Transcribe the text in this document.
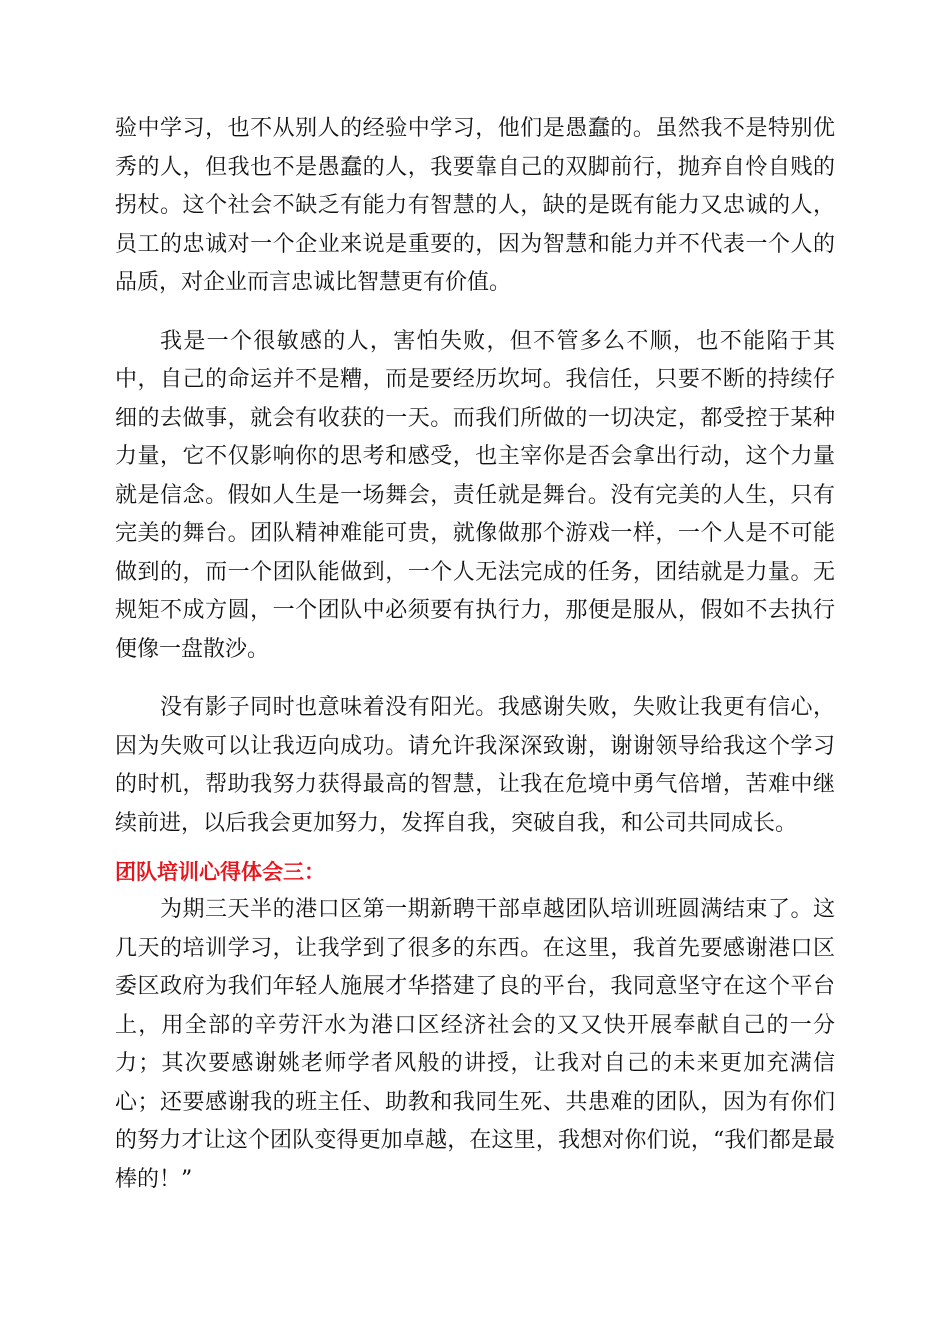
验中学习，也不从别人的经验中学习，他们是愚蠢的。虽然我不是特别优秀的人，但我也不是愚蠢的人，我要靠自己的双脚前行，抛弃自怜自贱的拐杖。这个社会不缺乏有能力有智慧的人，缺的是既有能力又忠诚的人，员工的忠诚对一个企业来说是重要的，因为智慧和能力并不代表一个人的品质，对企业而言忠诚比智慧更有价值。

我是一个很敏感的人，害怕失败，但不管多么不顺，也不能陷于其中，自己的命运并不是糟，而是要经历坎坷。我信任，只要不断的持续仔细的去做事，就会有收获的一天。而我们所做的一切决定，都受控于某种力量，它不仅影响你的思考和感受，也主宰你是否会拿出行动，这个力量就是信念。假如人生是一场舞会，责任就是舞台。没有完美的人生，只有完美的舞台。团队精神难能可贵，就像做那个游戏一样，一个人是不可能做到的，而一个团队能做到，一个人无法完成的任务，团结就是力量。无规矩不成方圆，一个团队中必须要有执行力，那便是服从，假如不去执行便像一盘散沙。

没有影子同时也意味着没有阳光。我感谢失败，失败让我更有信心，因为失败可以让我迈向成功。请允许我深深致谢，谢谢领导给我这个学习的时机，帮助我努力获得最高的智慧，让我在危境中勇气倍增，苦难中继续前进，以后我会更加努力，发挥自我，突破自我，和公司共同成长。

团队培训心得体会三：

为期三天半的港口区第一期新聘干部卓越团队培训班圆满结束了。这几天的培训学习，让我学到了很多的东西。在这里，我首先要感谢港口区委区政府为我们年轻人施展才华搭建了良的平台，我同意坚守在这个平台上，用全部的辛劳汗水为港口区经济社会的又又快开展奉献自己的一分力；其次要感谢姚老师学者风般的讲授，让我对自己的未来更加充满信心；还要感谢我的班主任、助教和我同生死、共患难的团队，因为有你们的努力才让这个团队变得更加卓越，在这里，我想对你们说，“我们都是最棒的！”
